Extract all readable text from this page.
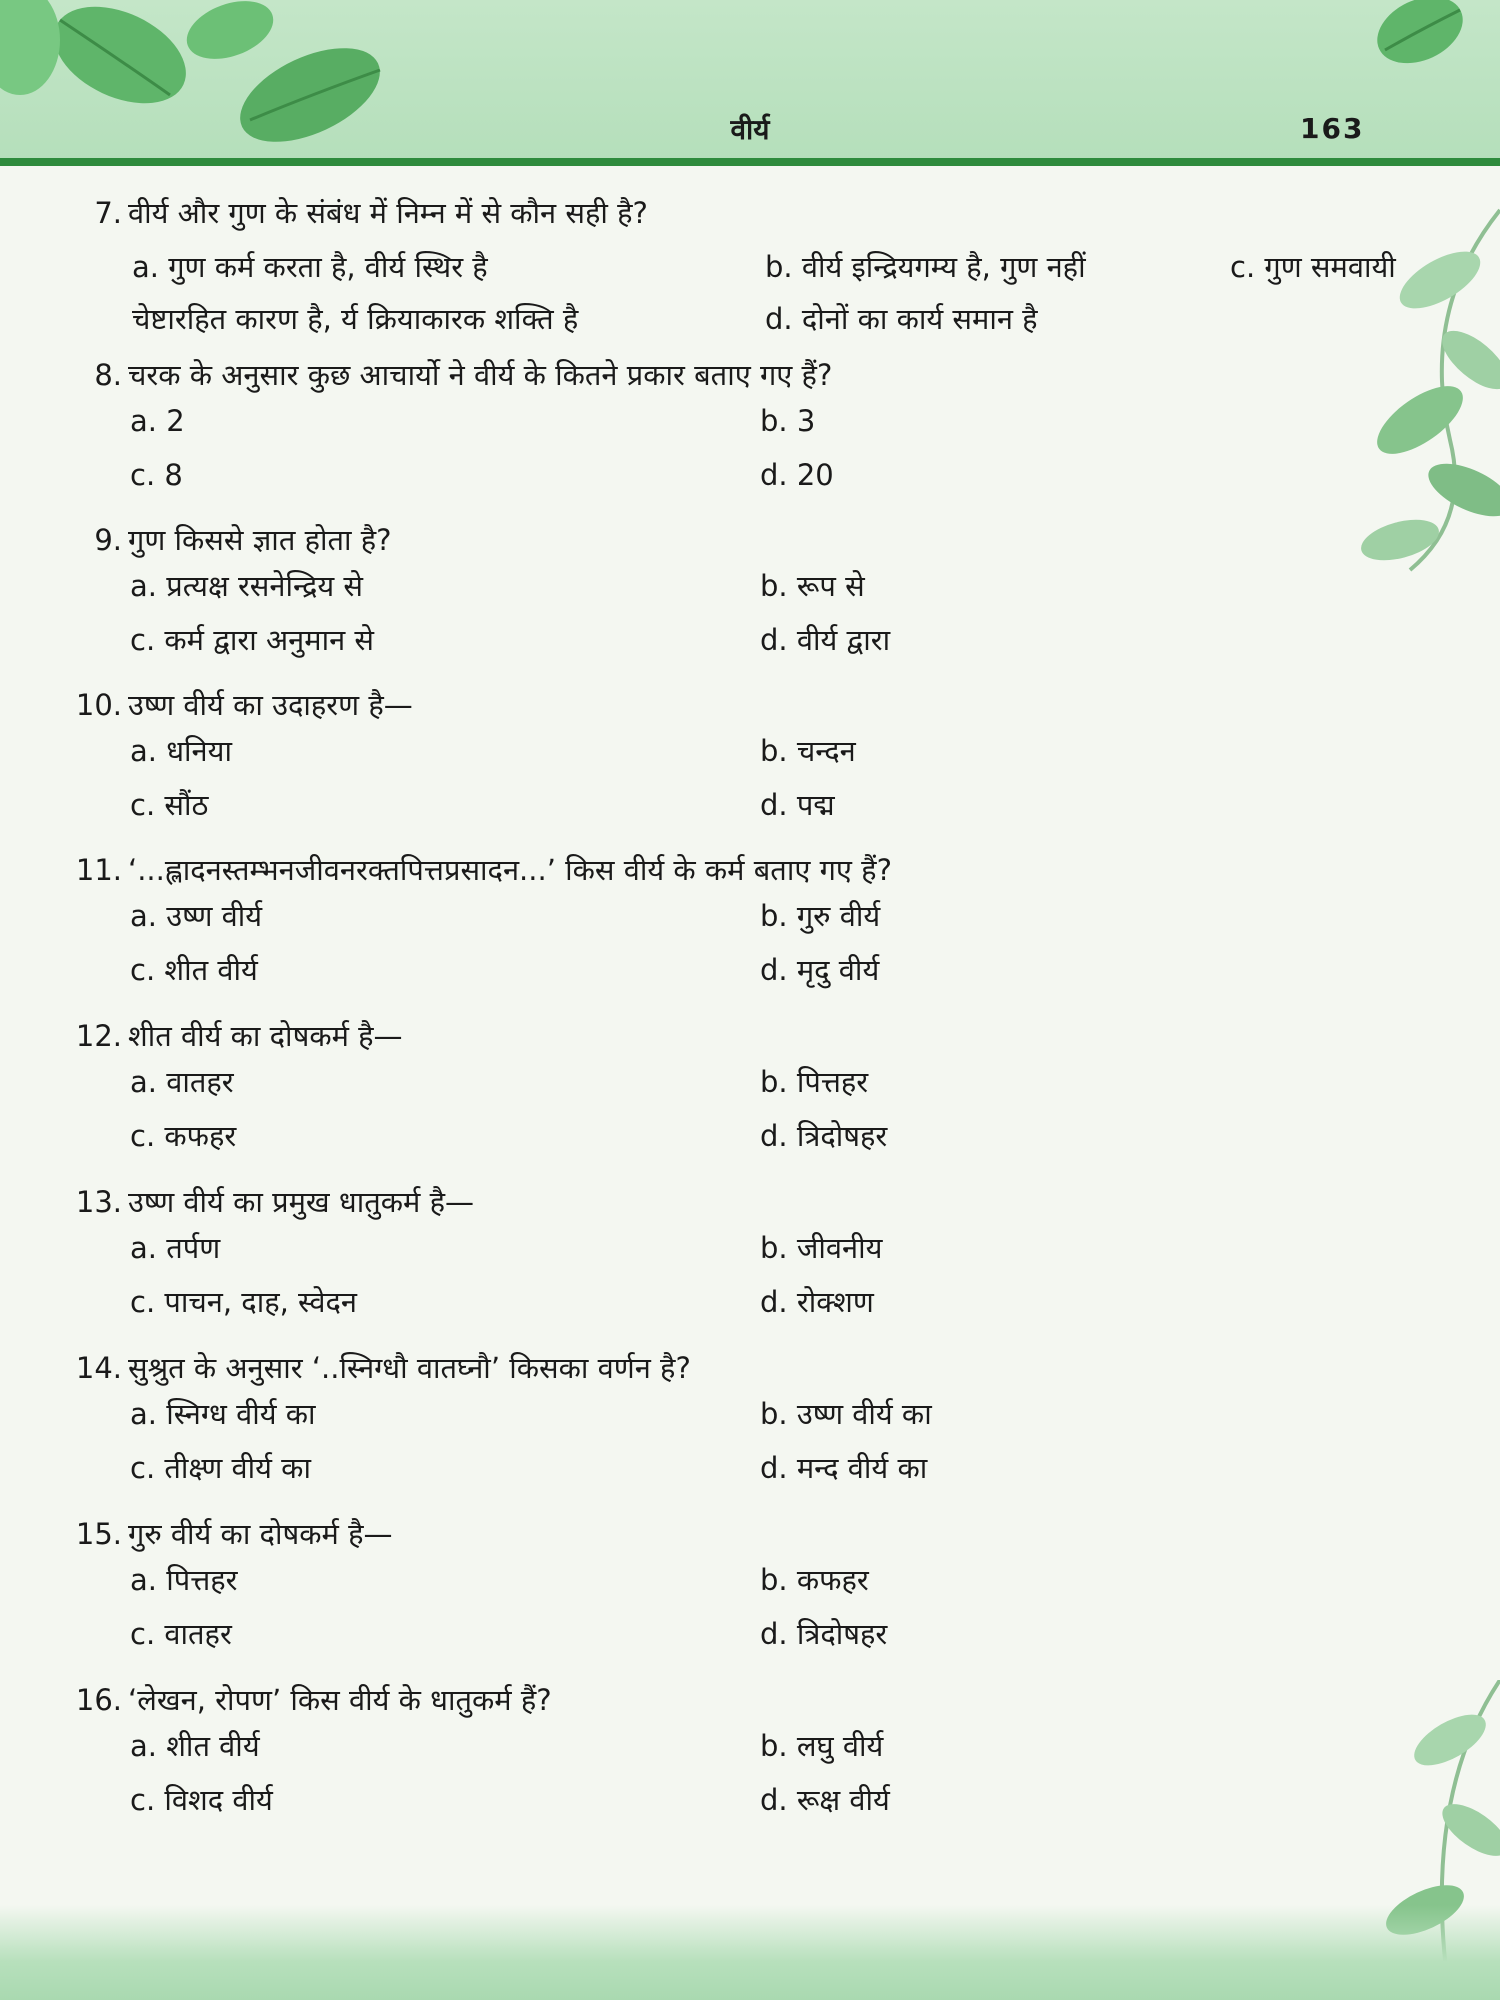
वीर्य	163
7. वीर्य और गुण के संबंध में निम्न में से कौन सही है?
a. गुण कर्म करता है, वीर्य स्थिर है	b. वीर्य इन्द्रियगम्य है, गुण नहीं	c. गुण समवायी
चेष्टारहित कारण है, र्य क्रियाकारक शक्ति है	d. दोनों का कार्य समान है
8. चरक के अनुसार कुछ आचार्यो ने वीर्य के कितने प्रकार बताए गए हैं?
a. 2	b. 3
c. 8	d. 20
9. गुण किससे ज्ञात होता है?
a. प्रत्यक्ष रसनेन्द्रिय से	b. रूप से
c. कर्म द्वारा अनुमान से	d. वीर्य द्वारा
10. उष्ण वीर्य का उदाहरण है—
a. धनिया	b. चन्दन
c. सौंठ	d. पद्म
11. ‘...ह्लादनस्तम्भनजीवनरक्तपित्तप्रसादन...’ किस वीर्य के कर्म बताए गए हैं?
a. उष्ण वीर्य	b. गुरु वीर्य
c. शीत वीर्य	d. मृदु वीर्य
12. शीत वीर्य का दोषकर्म है—
a. वातहर	b. पित्तहर
c. कफहर	d. त्रिदोषहर
13. उष्ण वीर्य का प्रमुख धातुकर्म है—
a. तर्पण	b. जीवनीय
c. पाचन, दाह, स्वेदन	d. रोक्शण
14. सुश्रुत के अनुसार ‘..स्निग्धौ वातघ्नौ’ किसका वर्णन है?
a. स्निग्ध वीर्य का	b. उष्ण वीर्य का
c. तीक्ष्ण वीर्य का	d. मन्द वीर्य का
15. गुरु वीर्य का दोषकर्म है—
a. पित्तहर	b. कफहर
c. वातहर	d. त्रिदोषहर
16. ‘लेखन, रोपण’ किस वीर्य के धातुकर्म हैं?
a. शीत वीर्य	b. लघु वीर्य
c. विशद वीर्य	d. रूक्ष वीर्य
